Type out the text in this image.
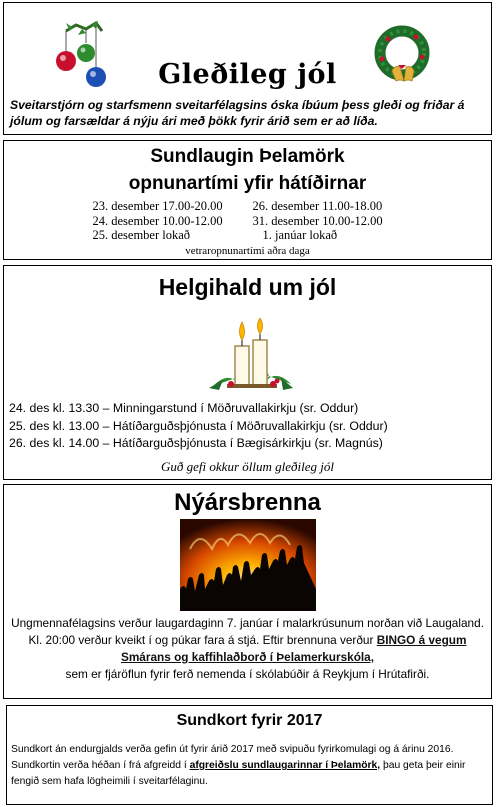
Gleðileg jól
Sveitarstjórn og starfsmenn sveitarfélagsins óska íbúum þess gleði og friðar á jólum og farsældar á nýju ári með þökk fyrir árið sem er að líða.
Sundlaugin Þelamörk
opnunartími yfir hátíðirnar
23. desember 17.00-20.00	26. desember 11.00-18.00
24. desember 10.00-12.00	31. desember 10.00-12.00
25. desember lokað	1. janúar lokað
vetraropnunartími aðra daga
Helgihald um jól
24. des kl. 13.30 – Minningarstund í Möðruvallakirkju (sr. Oddur)
25. des kl. 13.00 – Hátíðarguðsþjónusta í Möðruvallakirkju (sr. Oddur)
26. des kl. 14.00 – Hátíðarguðsþjónusta í Bægisárkirkju (sr. Magnús)
Guð gefi okkur öllum gleðileg jól
Nýársbrenna
Ungmennafélagsins verður laugardaginn 7. janúar í malarkrúsunum norðan við Laugaland. Kl. 20:00 verður kveikt í og púkar fara á stjá. Eftir brennuna verður BINGO á vegum Smárans og kaffihlaðborð í Þelamerkurskóla,
sem er fjáröflun fyrir ferð nemenda í skólabúðir á Reykjum í Hrútafirði.
Sundkort fyrir 2017
Sundkort án endurgjalds verða gefin út fyrir árið 2017 með svipuðu fyrirkomulagi og á árinu 2016. Sundkortin verða héðan í frá afgreidd í afgreiðslu sundlaugarinnar í Þelamörk, þau geta þeir einir fengið sem hafa lögheimili í sveitarfélaginu.
